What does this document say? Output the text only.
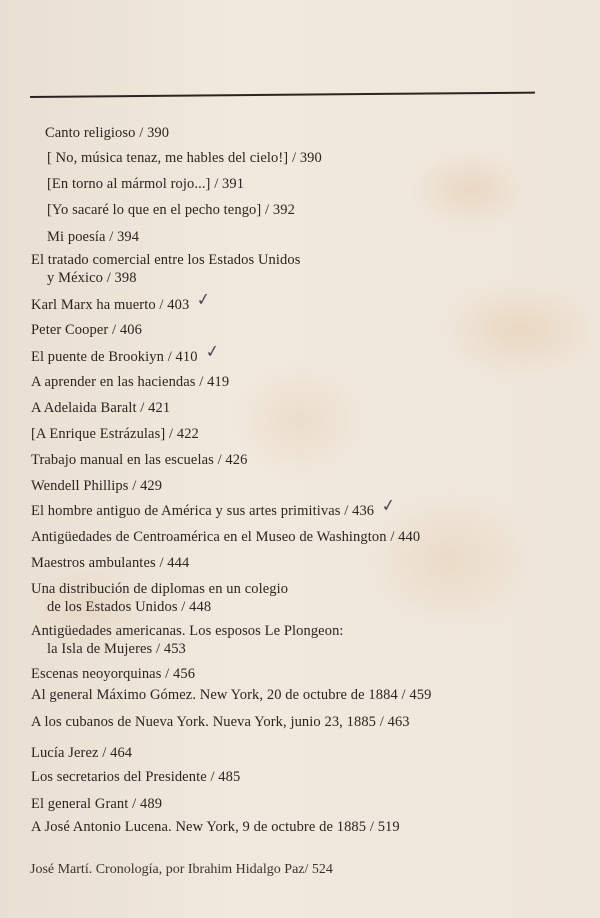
Canto religioso / 390
[ No, música tenaz, me hables del cielo!] / 390
[En torno al mármol rojo...] / 391
[Yo sacaré lo que en el pecho tengo] / 392
Mi poesía / 394
El tratado comercial entre los Estados Unidos
y México / 398
Karl Marx ha muerto / 403 ✓
Peter Cooper / 406
El puente de Brookiyn / 410 ✓
A aprender en las haciendas / 419
A Adelaida Baralt / 421
[A Enrique Estrázulas] / 422
Trabajo manual en las escuelas / 426
Wendell Phillips / 429
El hombre antiguo de América y sus artes primitivas / 436 ✓
Antigüedades de Centroamérica en el Museo de Washington / 440
Maestros ambulantes / 444
Una distribución de diplomas en un colegio
de los Estados Unidos / 448
Antigüedades americanas. Los esposos Le Plongeon:
la Isla de Mujeres / 453
Escenas neoyorquinas / 456
Al general Máximo Gómez. New York, 20 de octubre de 1884 / 459
A los cubanos de Nueva York. Nueva York, junio 23, 1885 / 463
Lucía Jerez / 464
Los secretarios del Presidente / 485
El general Grant / 489
A José Antonio Lucena. New York, 9 de octubre de 1885 / 519
José Martí. Cronología, por Ibrahim Hidalgo Paz/ 524
